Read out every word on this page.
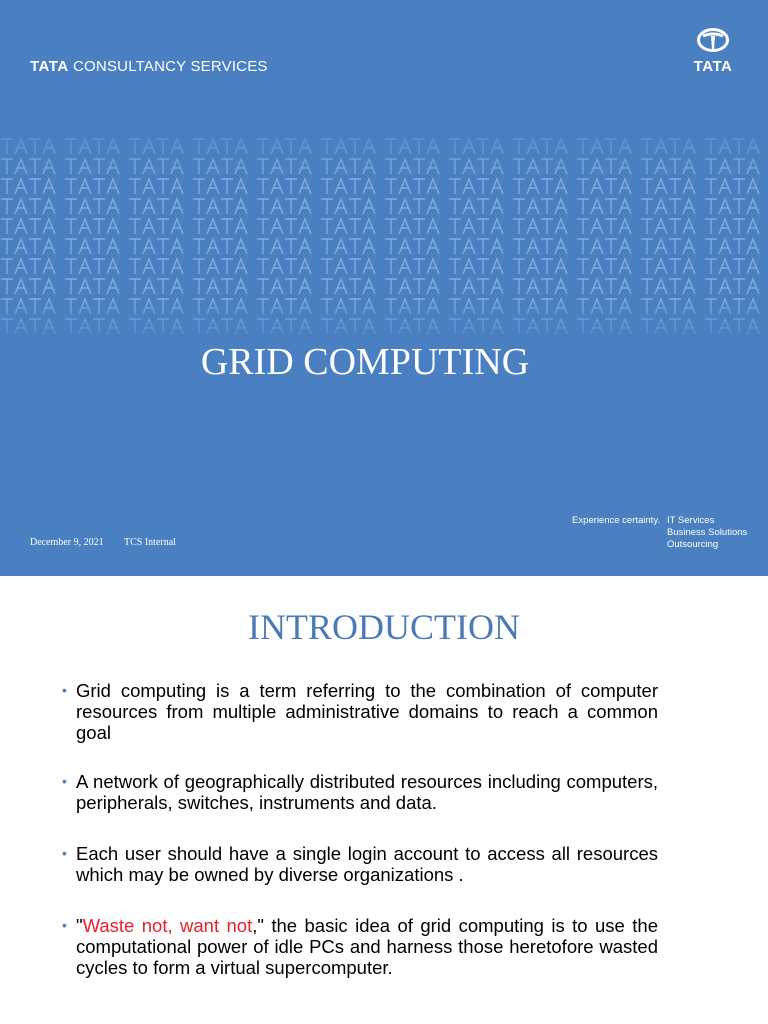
TATA CONSULTANCY SERVICES	TATA
GRID COMPUTING
December 9, 2021 TCS Internal
Experience certainty. IT Services
Business Solutions
Outsourcing
INTRODUCTION
• Grid computing is a term referring to the combination of computer resources from multiple administrative domains to reach a common goal
• A network of geographically distributed resources including computers, peripherals, switches, instruments and data.
• Each user should have a single login account to access all resources which may be owned by diverse organizations .
• "Waste not, want not," the basic idea of grid computing is to use the computational power of idle PCs and harness those heretofore wasted cycles to form a virtual supercomputer.
